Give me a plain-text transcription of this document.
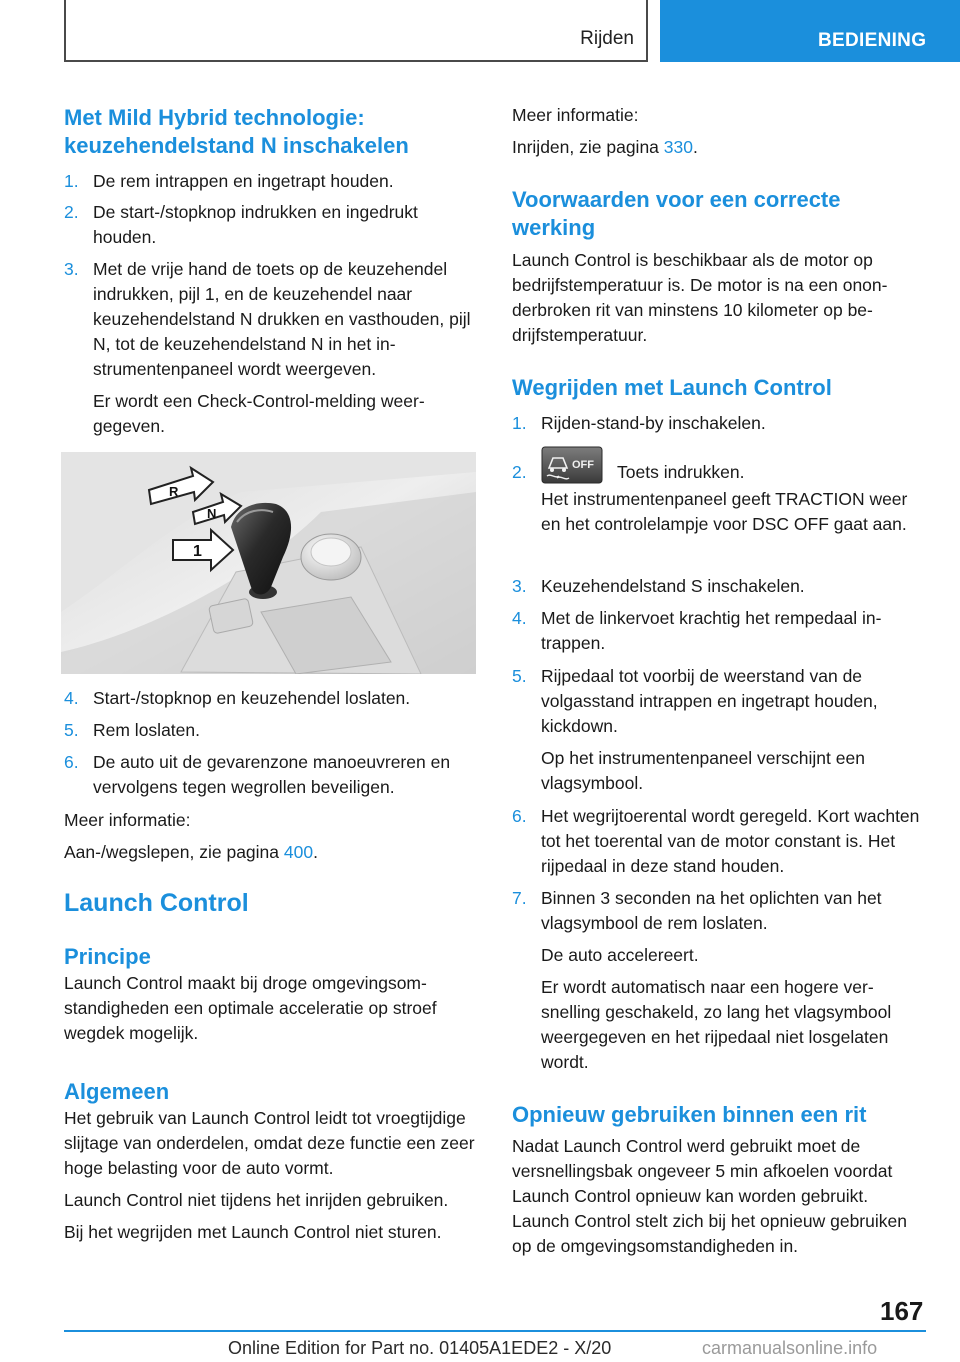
Rijden	BEDIENING
Met Mild Hybrid technologie: keuzehendelstand N inschakelen
1. De rem intrappen en ingetrapt houden.
2. De start-/stopknop indrukken en ingedrukt houden.
3. Met de vrije hand de toets op de keuzehendel indrukken, pijl 1, en de keuzehendel naar keuzehendelstand N drukken en vasthouden, pijl N, tot de keuzehendelstand N in het instrumentenpaneel wordt weergeven.
Er wordt een Check-Control-melding weergegeven.
4. Start-/stopknop en keuzehendel loslaten.
5. Rem loslaten.
6. De auto uit de gevarenzone manoeuvreren en vervolgens tegen wegrollen beveiligen.

Meer informatie:

Aan-/wegslepen, zie pagina 400.

Launch Control
Principe

Launch Control maakt bij droge omgevingsomstandigheden een optimale acceleratie op stroef wegdek mogelijk.

Algemeen

Het gebruik van Launch Control leidt tot vroegtijdige slijtage van onderdelen, omdat deze functie een zeer hoge belasting voor de auto vormt.

Launch Control niet tijdens het inrijden gebruiken.

Bij het wegrijden met Launch Control niet sturen.

R
N
1

Meer informatie:

Inrijden, zie pagina 330.

Voorwaarden voor een correcte werking

Launch Control is beschikbaar als de motor op bedrijfstemperatuur is. De motor is na een ononderbroken rit van minstens 10 kilometer op bedrijfstemperatuur.

Wegrijden met Launch Control
1. Rijden-stand-by inschakelen.
2.	OFF Toets indrukken.
Het instrumentenpaneel geeft TRACTION weer en het controlelampje voor DSC OFF gaat aan.
3. Keuzehendelstand S inschakelen.
4. Met de linkervoet krachtig het rempedaal intrappen.
5. Rijpedaal tot voorbij de weerstand van de volgasstand intrappen en ingetrapt houden, kickdown.
Op het instrumentenpaneel verschijnt een vlagsymbool.
6. Het wegrijtoerental wordt geregeld. Kort wachten tot het toerental van de motor constant is. Het rijpedaal in deze stand houden.
7. Binnen 3 seconden na het oplichten van het vlagsymbool de rem loslaten.
De auto accelereert.
Er wordt automatisch naar een hogere versnelling geschakeld, zo lang het vlagsymbool weergegeven en het rijpedaal niet losgelaten wordt.
Opnieuw gebruiken binnen een rit

Nadat Launch Control werd gebruikt moet de versnellingsbak ongeveer 5 min afkoelen voordat Launch Control opnieuw kan worden gebruikt. Launch Control stelt zich bij het opnieuw gebruiken op de omgevingsomstandigheden in.

167
Online Edition for Part no. 01405A1EDE2 - X/20	carmanualsonline.info
